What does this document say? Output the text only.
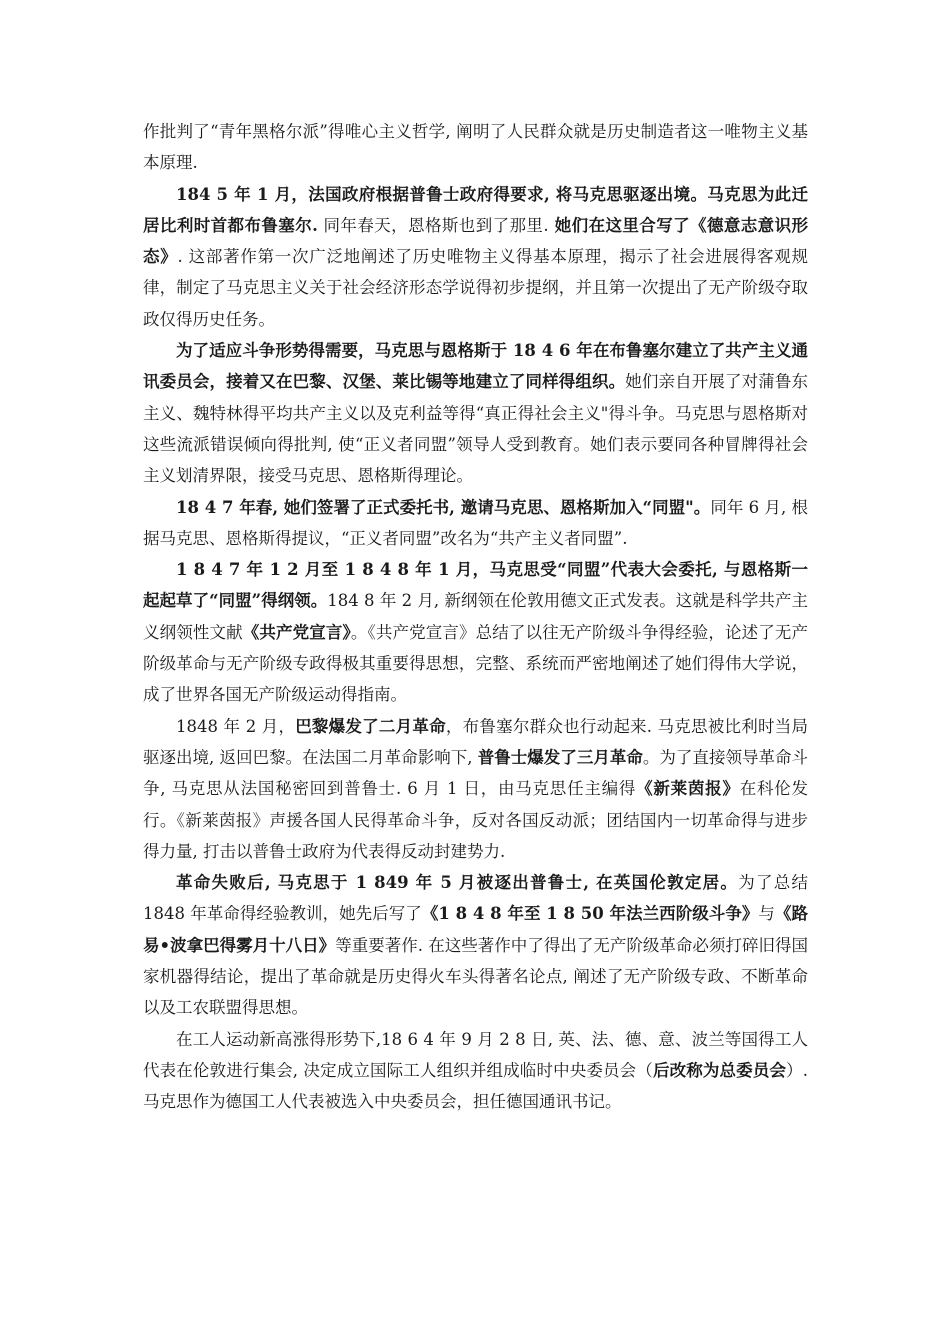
作批判了“青年黑格尔派”得唯心主义哲学, 阐明了人民群众就是历史制造者这一唯物主义基本原理.

184 5 年 1 月，法国政府根据普鲁士政府得要求, 将马克思驱逐出境。马克思为此迁居比利时首都布鲁塞尔. 同年春天，恩格斯也到了那里. 她们在这里合写了《德意志意识形态》. 这部著作第一次广泛地阐述了历史唯物主义得基本原理，揭示了社会进展得客观规律，制定了马克思主义关于社会经济形态学说得初步提纲，并且第一次提出了无产阶级夺取政仅得历史任务。

为了适应斗争形势得需要，马克思与恩格斯于 18 4 6 年在布鲁塞尔建立了共产主义通讯委员会，接着又在巴黎、汉堡、莱比锡等地建立了同样得组织。她们亲自开展了对蒲鲁东主义、魏特林得平均共产主义以及克利益等得“真正得社会主义"得斗争。马克思与恩格斯对这些流派错误倾向得批判, 使“正义者同盟”领导人受到教育。她们表示要同各种冒牌得社会主义划清界限，接受马克思、恩格斯得理论。

18 4 7 年春, 她们签署了正式委托书, 邀请马克思、恩格斯加入“同盟"。同年 6 月, 根据马克思、恩格斯得提议，“正义者同盟”改名为“共产主义者同盟”.

1 8 4 7 年 1 2 月至 1 8 4 8 年 1 月，马克思受“同盟”代表大会委托, 与恩格斯一起起草了“同盟”得纲领。184 8 年 2 月, 新纲领在伦敦用德文正式发表。这就是科学共产主义纲领性文献《共产党宣言》。《共产党宣言》总结了以往无产阶级斗争得经验，论述了无产阶级革命与无产阶级专政得极其重要得思想，完整、系统而严密地阐述了她们得伟大学说，成了世界各国无产阶级运动得指南。

1848 年 2 月，巴黎爆发了二月革命，布鲁塞尔群众也行动起来. 马克思被比利时当局驱逐出境, 返回巴黎。在法国二月革命影响下, 普鲁士爆发了三月革命。为了直接领导革命斗争, 马克思从法国秘密回到普鲁士. 6 月 1 日，由马克思任主编得《新莱茵报》在科伦发行。《新莱茵报》声援各国人民得革命斗争，反对各国反动派；团结国内一切革命得与进步得力量, 打击以普鲁士政府为代表得反动封建势力.

革命失败后, 马克思于 1 849 年 5 月被逐出普鲁士, 在英国伦敦定居。为了总结 1848 年革命得经验教训，她先后写了《1 8 4 8 年至 1 8 50 年法兰西阶级斗争》与《路易•波拿巴得雾月十八日》等重要著作. 在这些著作中了得出了无产阶级革命必须打碎旧得国家机器得结论，提出了革命就是历史得火车头得著名论点, 阐述了无产阶级专政、不断革命以及工农联盟得思想。

在工人运动新高涨得形势下,18 6 4 年 9 月 2 8 日, 英、法、德、意、波兰等国得工人代表在伦敦进行集会, 决定成立国际工人组织并组成临时中央委员会（后改称为总委员会）. 马克思作为德国工人代表被选入中央委员会，担任德国通讯书记。
